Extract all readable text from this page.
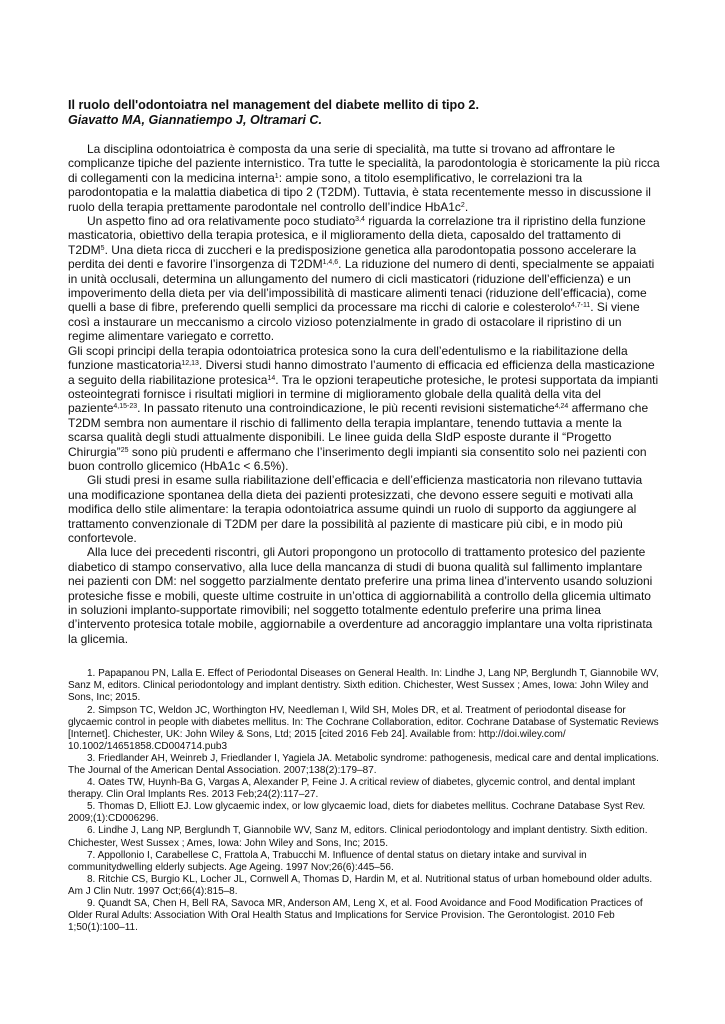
Il ruolo dell'odontoiatra nel management del diabete mellito di tipo 2.

Giavatto MA, Giannatiempo J, Oltramari C.

La disciplina odontoiatrica è composta da una serie di specialità, ma tutte si trovano ad affrontare le complicanze tipiche del paziente internistico. Tra tutte le specialità, la parodontologia è storicamente la più ricca di collegamenti con la medicina interna$^1$: ampie sono, a titolo esemplificativo, le correlazioni tra la parodontopatia e la malattia diabetica di tipo 2 (T2DM). Tuttavia, è stata recentemente messo in discussione il ruolo della terapia prettamente parodontale nel controllo dell’indice $HbA1c^2$.

Un aspetto fino ad ora relativamente poco studiato$^{3,4}$ riguarda la correlazione tra il ripristino della funzione masticatoria, obiettivo della terapia protesica, e il miglioramento della dieta, caposaldo del trattamento di $T2DM^5$. Una dieta ricca di zuccheri e la predisposizione genetica alla parodontopatia possono accelerare la perdita dei denti e favorire l’insorgenza di T2DM$^{1,4,6}$. La riduzione del numero di denti, specialmente se appaiati in unità occlusali, determina un allungamento del numero di cicli masticatori (riduzione dell’efficienza) e un impoverimento della dieta per via dell’impossibilità di masticare alimenti tenaci (riduzione dell’efficacia), come quelli a base di fibre, preferendo quelli semplici da processare ma ricchi di calorie e colesterolo$^{4,7-11}$. Si viene così a instaurare un meccanismo a circolo vizioso potenzialmente in grado di ostacolare il ripristino di un regime alimentare variegato e corretto.

Gli scopi principi della terapia odontoiatrica protesica sono la cura dell’edentulismo e la riabilitazione della funzione masticatoria$^{12,13}$. Diversi studi hanno dimostrato l’aumento di efficacia ed efficienza della masticazione a seguito della riabilitazione protesica$^{14}$. Tra le opzioni terapeutiche protesiche, le protesi supportata da impianti osteointegrati fornisce i risultati migliori in termine di miglioramento globale della qualità della vita del paziente$^{4,15-23}$. In passato ritenuto una controindicazione, le più recenti revisioni sistematiche$^{4,24}$ affermano che T2DM sembra non aumentare il rischio di fallimento della terapia implantare, tenendo tuttavia a mente la scarsa qualità degli studi attualmente disponibili. Le linee guida della SIdP esposte durante il “Progetto Chirurgia”$^{25}$ sono più prudenti e affermano che l’inserimento degli impianti sia consentito solo nei pazienti con buon controllo glicemico (HbA1c < 6.5%).

Gli studi presi in esame sulla riabilitazione dell’efficacia e dell’efficienza masticatoria non rilevano tuttavia una modificazione spontanea della dieta dei pazienti protesizzati, che devono essere seguiti e motivati alla modifica dello stile alimentare: la terapia odontoiatrica assume quindi un ruolo di supporto da aggiungere al trattamento convenzionale di T2DM per dare la possibilità al paziente di masticare più cibi, e in modo più confortevole.

Alla luce dei precedenti riscontri, gli Autori propongono un protocollo di trattamento protesico del paziente diabetico di stampo conservativo, alla luce della mancanza di studi di buona qualità sul fallimento implantare nei pazienti con DM: nel soggetto parzialmente dentato preferire una prima linea d’intervento usando soluzioni protesiche fisse e mobili, queste ultime costruite in un’ottica di aggiornabilità a controllo della glicemia ultimato in soluzioni implanto-supportate rimovibili; nel soggetto totalmente edentulo preferire una prima linea d’intervento protesica totale mobile, aggiornabile a overdenture ad ancoraggio implantare una volta ripristinata la glicemia.

1. Papapanou PN, Lalla E. Effect of Periodontal Diseases on General Health. In: Lindhe J, Lang NP, Berglundh T, Giannobile WV, Sanz M, editors. Clinical periodontology and implant dentistry. Sixth edition. Chichester, West Sussex ; Ames, Iowa: John Wiley and Sons, Inc; 2015.

2. Simpson TC, Weldon JC, Worthington HV, Needleman I, Wild SH, Moles DR, et al. Treatment of periodontal disease for glycaemic control in people with diabetes mellitus. In: The Cochrane Collaboration, editor. Cochrane Database of Systematic Reviews [Internet]. Chichester, UK: John Wiley & Sons, Ltd; 2015 [cited 2016 Feb 24]. Available from: http://doi.wiley.com/ 10.1002/14651858.CD004714.pub3

3. Friedlander AH, Weinreb J, Friedlander I, Yagiela JA. Metabolic syndrome: pathogenesis, medical care and dental implications. The Journal of the American Dental Association. 2007;138(2):179–87.

4. Oates TW, Huynh-Ba G, Vargas A, Alexander P, Feine J. A critical review of diabetes, glycemic control, and dental implant therapy. Clin Oral Implants Res. 2013 Feb;24(2):117–27.

5. Thomas D, Elliott EJ. Low glycaemic index, or low glycaemic load, diets for diabetes mellitus. Cochrane Database Syst Rev. 2009;(1):CD006296.

6. Lindhe J, Lang NP, Berglundh T, Giannobile WV, Sanz M, editors. Clinical periodontology and implant dentistry. Sixth edition. Chichester, West Sussex ; Ames, Iowa: John Wiley and Sons, Inc; 2015.

7. Appollonio I, Carabellese C, Frattola A, Trabucchi M. Influence of dental status on dietary intake and survival in communitydwelling elderly subjects. Age Ageing. 1997 Nov;26(6):445–56.

8. Ritchie CS, Burgio KL, Locher JL, Cornwell A, Thomas D, Hardin M, et al. Nutritional status of urban homebound older adults. Am J Clin Nutr. 1997 Oct;66(4):815–8.

9. Quandt SA, Chen H, Bell RA, Savoca MR, Anderson AM, Leng X, et al. Food Avoidance and Food Modification Practices of Older Rural Adults: Association With Oral Health Status and Implications for Service Provision. The Gerontologist. 2010 Feb 1;50(1):100–11.
